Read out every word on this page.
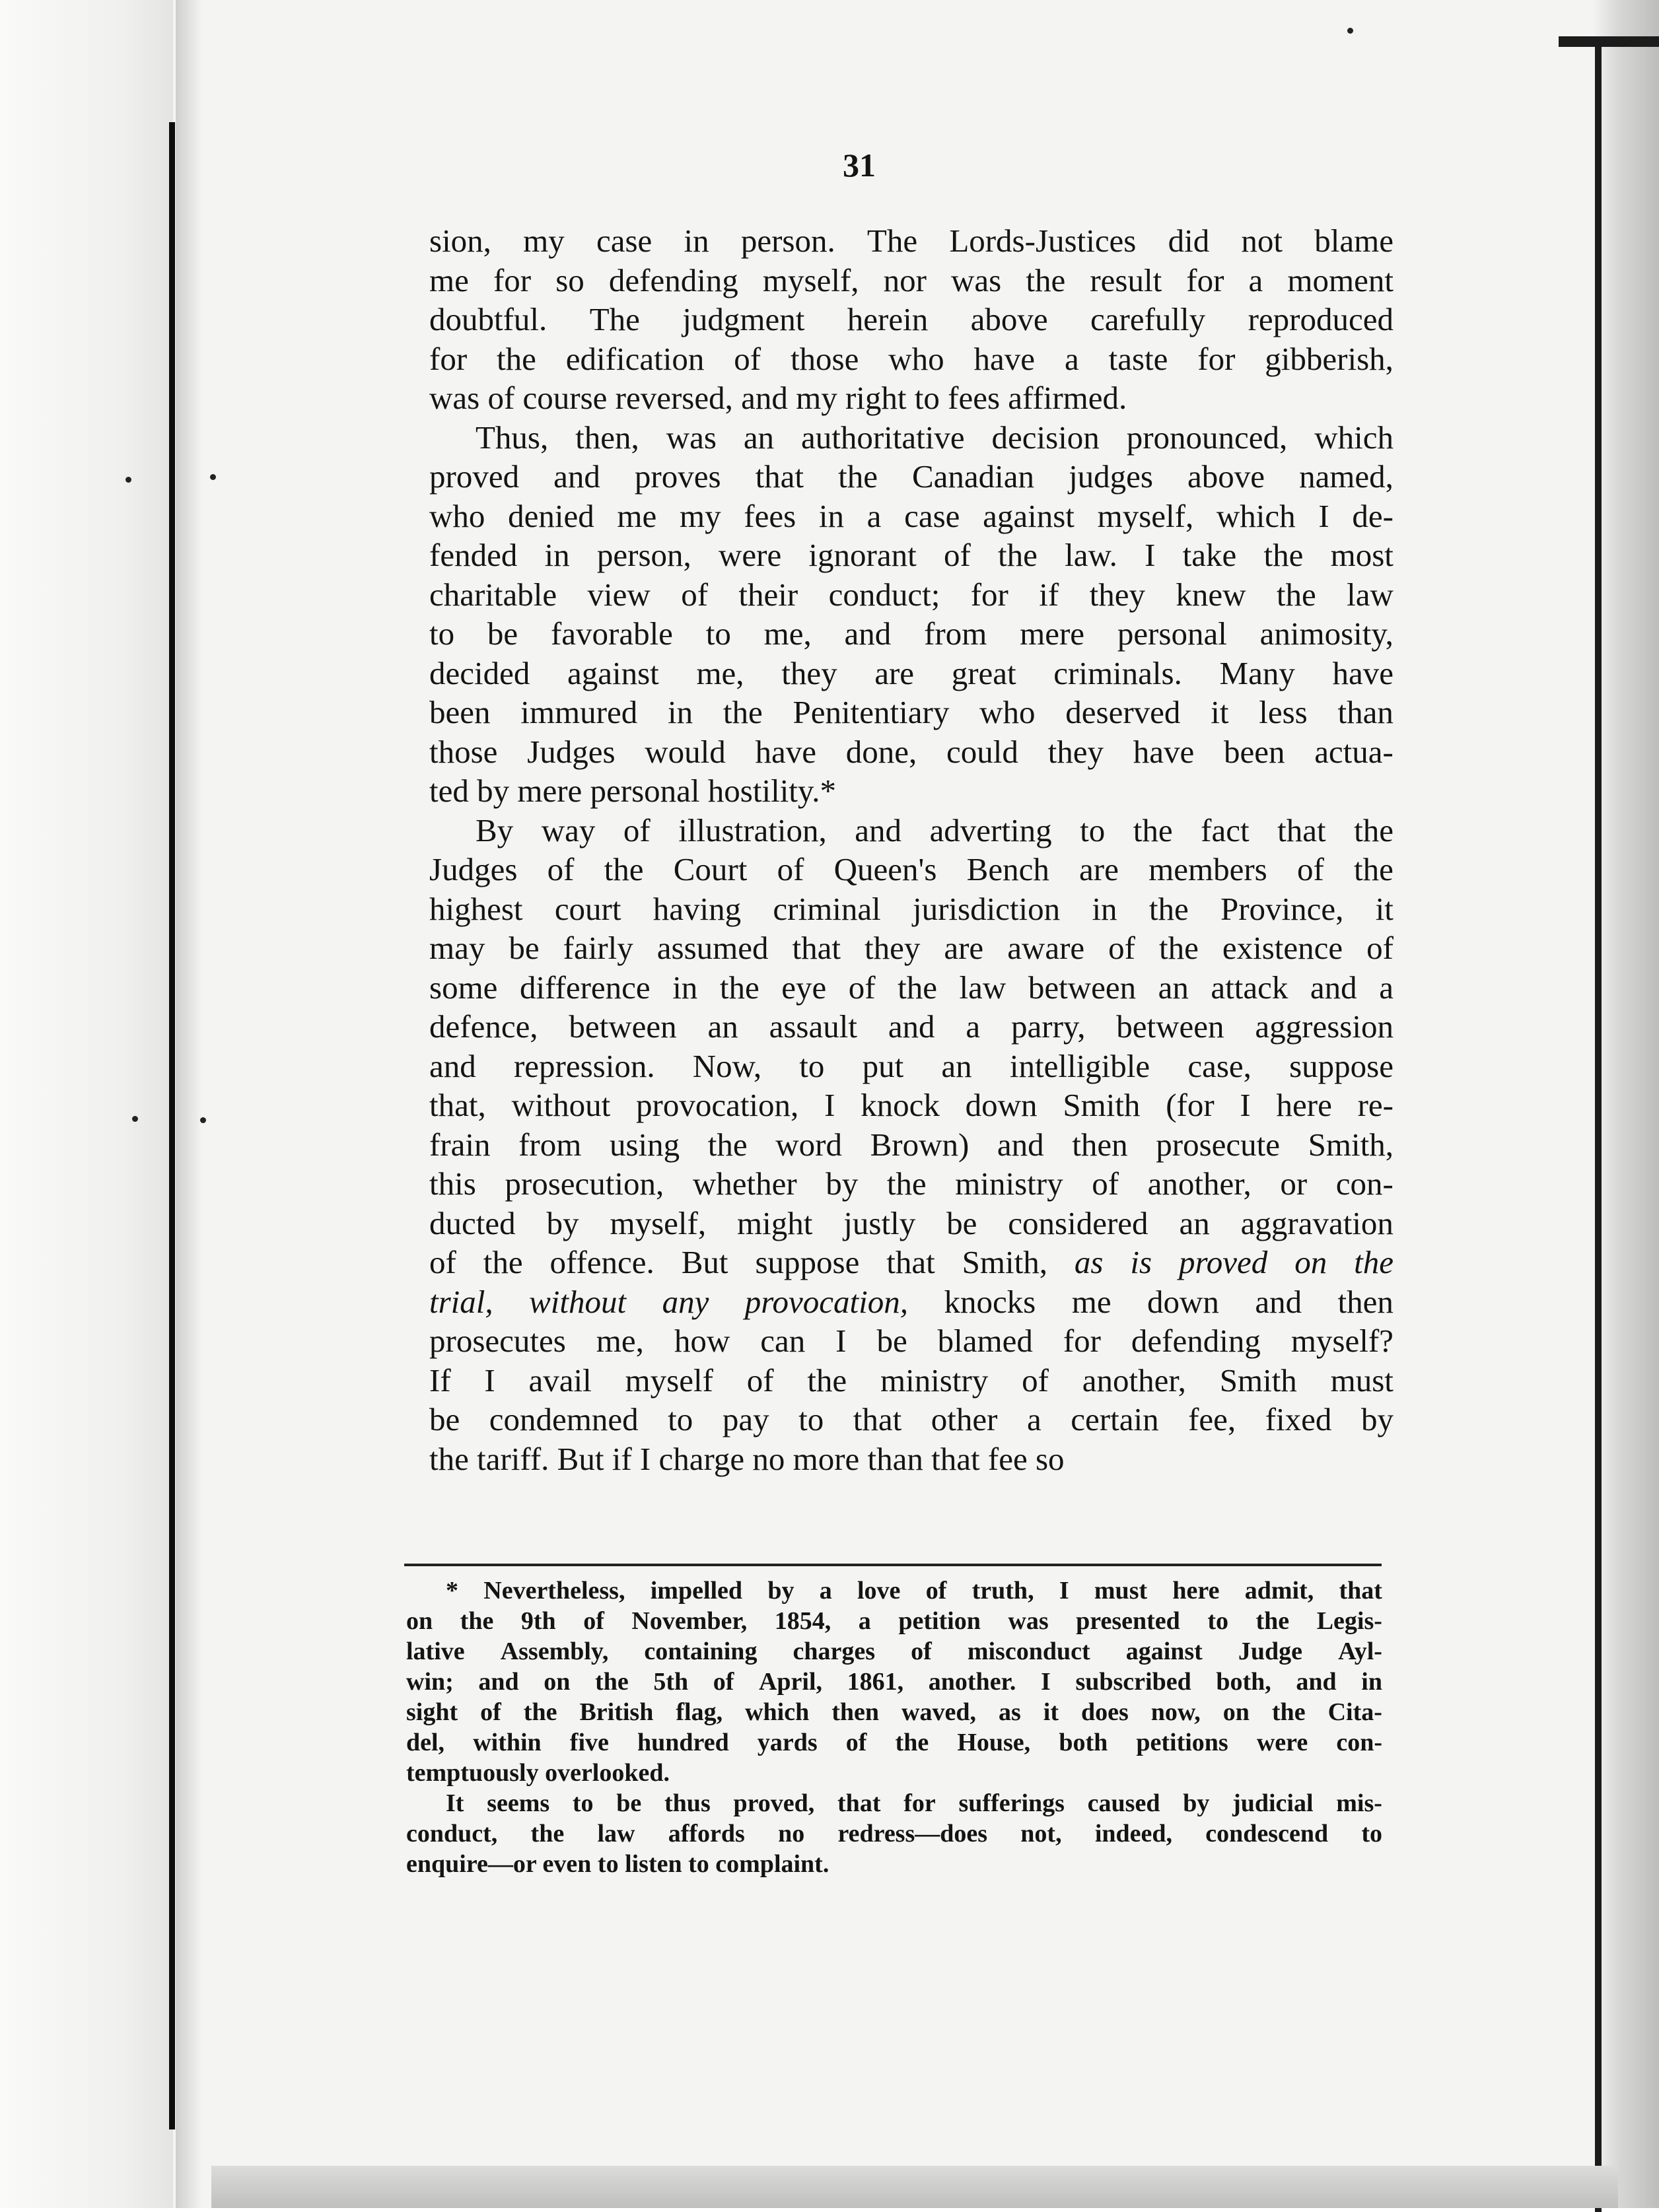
31
sion, my case in person. The Lords-Justices did not blame
me for so defending myself, nor was the result for a moment
doubtful. The judgment herein above carefully reproduced
for the edification of those who have a taste for gibberish,
was of course reversed, and my right to fees affirmed.
Thus, then, was an authoritative decision pronounced, which
proved and proves that the Canadian judges above named,
who denied me my fees in a case against myself, which I de-
fended in person, were ignorant of the law. I take the most
charitable view of their conduct; for if they knew the law
to be favorable to me, and from mere personal animosity,
decided against me, they are great criminals. Many have
been immured in the Penitentiary who deserved it less than
those Judges would have done, could they have been actua-
ted by mere personal hostility.*
By way of illustration, and adverting to the fact that the
Judges of the Court of Queen's Bench are members of the
highest court having criminal jurisdiction in the Province, it
may be fairly assumed that they are aware of the existence of
some difference in the eye of the law between an attack and a
defence, between an assault and a parry, between aggression
and repression. Now, to put an intelligible case, suppose
that, without provocation, I knock down Smith (for I here re-
frain from using the word Brown) and then prosecute Smith,
this prosecution, whether by the ministry of another, or con-
ducted by myself, might justly be considered an aggravation
of the offence. But suppose that Smith, as is proved on the
trial, without any provocation, knocks me down and then
prosecutes me, how can I be blamed for defending myself?
If I avail myself of the ministry of another, Smith must
be condemned to pay to that other a certain fee, fixed by
the tariff. But if I charge no more than that fee so
* Nevertheless, impelled by a love of truth, I must here admit, that
on the 9th of November, 1854, a petition was presented to the Legis-
lative Assembly, containing charges of misconduct against Judge Ayl-
win; and on the 5th of April, 1861, another. I subscribed both, and in
sight of the British flag, which then waved, as it does now, on the Cita-
del, within five hundred yards of the House, both petitions were con-
temptuously overlooked.
It seems to be thus proved, that for sufferings caused by judicial mis-
conduct, the law affords no redress—does not, indeed, condescend to
enquire—or even to listen to complaint.
